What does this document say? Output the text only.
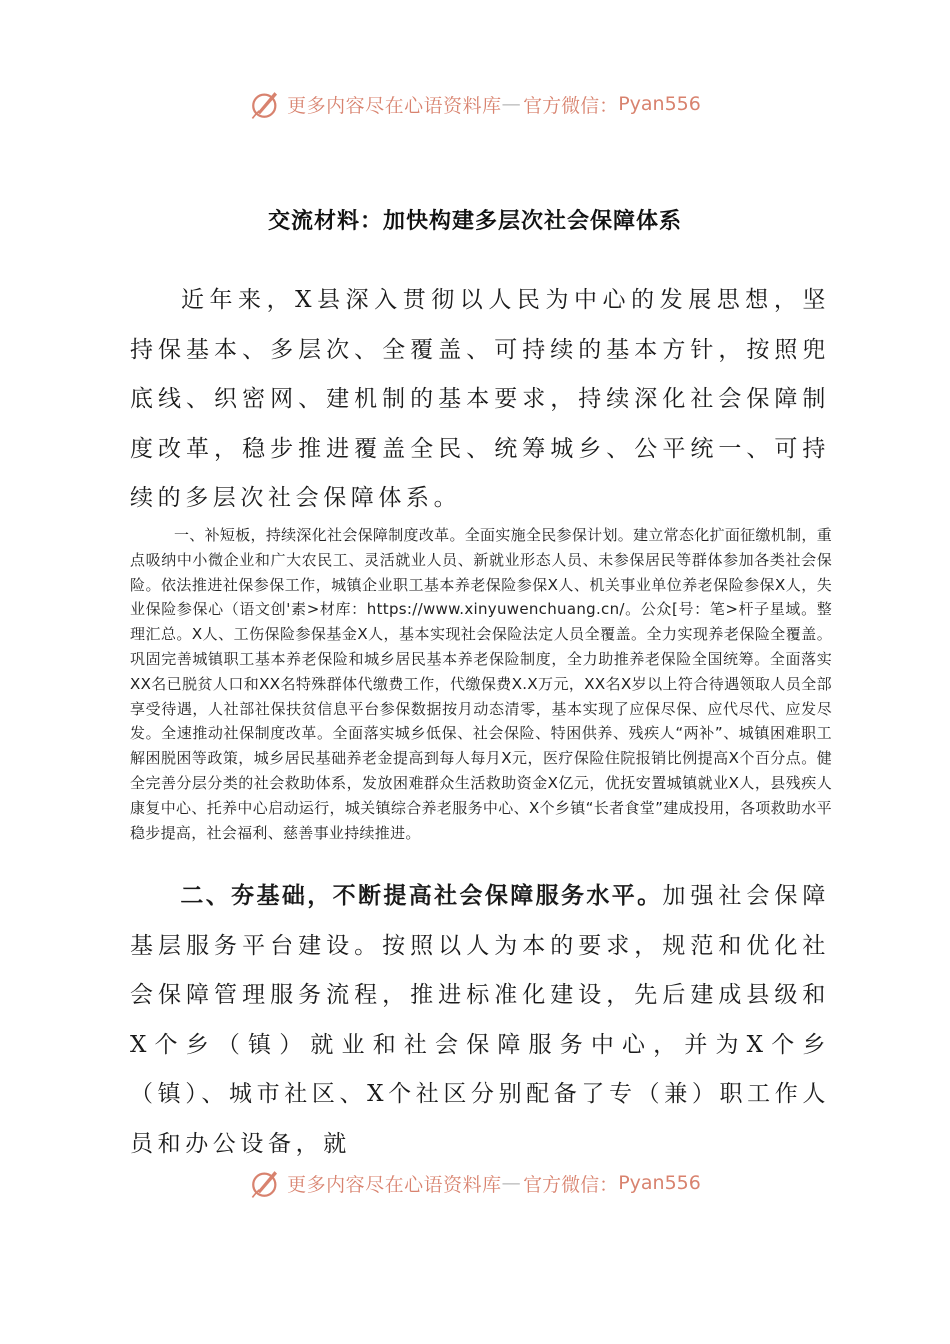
更多内容尽在心语资料库 — 官方微信： Pyan556
交流材料：加快构建多层次社会保障体系

近年来，X县深入贯彻以人民为中心的发展思想，坚持保基本、多层次、全覆盖、可持续的基本方针，按照兜底线、织密网、建机制的基本要求，持续深化社会保障制度改革，稳步推进覆盖全民、统筹城乡、公平统一、可持续的多层次社会保障体系。

一、补短板，持续深化社会保障制度改革。全面实施全民参保计划。建立常态化扩面征缴机制，重点吸纳中小微企业和广大农民工、灵活就业人员、新就业形态人员、未参保居民等群体参加各类社会保险。依法推进社保参保工作，城镇企业职工基本养老保险参保X人、机关事业单位养老保险参保X人，失业保险参保心（语文创'素>材库：https://www.xinyuwenchuang.cn/。公众[号：笔>杆子星域。整理汇总。X人、工伤保险参保基金X人，基本实现社会保险法定人员全覆盖。全力实现养老保险全覆盖。巩固完善城镇职工基本养老保险和城乡居民基本养老保险制度，全力助推养老保险全国统筹。全面落实XX名已脱贫人口和XX名特殊群体代缴费工作，代缴保费X.X万元，XX名X岁以上符合待遇领取人员全部享受待遇，人社部社保扶贫信息平台参保数据按月动态清零，基本实现了应保尽保、应代尽代、应发尽发。全速推动社保制度改革。全面落实城乡低保、社会保险、特困供养、残疾人“两补”、城镇困难职工解困脱困等政策，城乡居民基础养老金提高到每人每月X元，医疗保险住院报销比例提高X个百分点。健全完善分层分类的社会救助体系，发放困难群众生活救助资金X亿元，优抚安置城镇就业X人，县残疾人康复中心、托养中心启动运行，城关镇综合养老服务中心、X个乡镇“长者食堂”建成投用，各项救助水平稳步提高，社会福利、慈善事业持续推进。

二、夯基础，不断提高社会保障服务水平。加强社会保障基层服务平台建设。按照以人为本的要求，规范和优化社会保障管理服务流程，推进标准化建设，先后建成县级和X个乡（镇）就业和社会保障服务中心，并为X个乡（镇）、城市社区、X个社区分别配备了专（兼）职工作人员和办公设备，就

更多内容尽在心语资料库 — 官方微信： Pyan556
